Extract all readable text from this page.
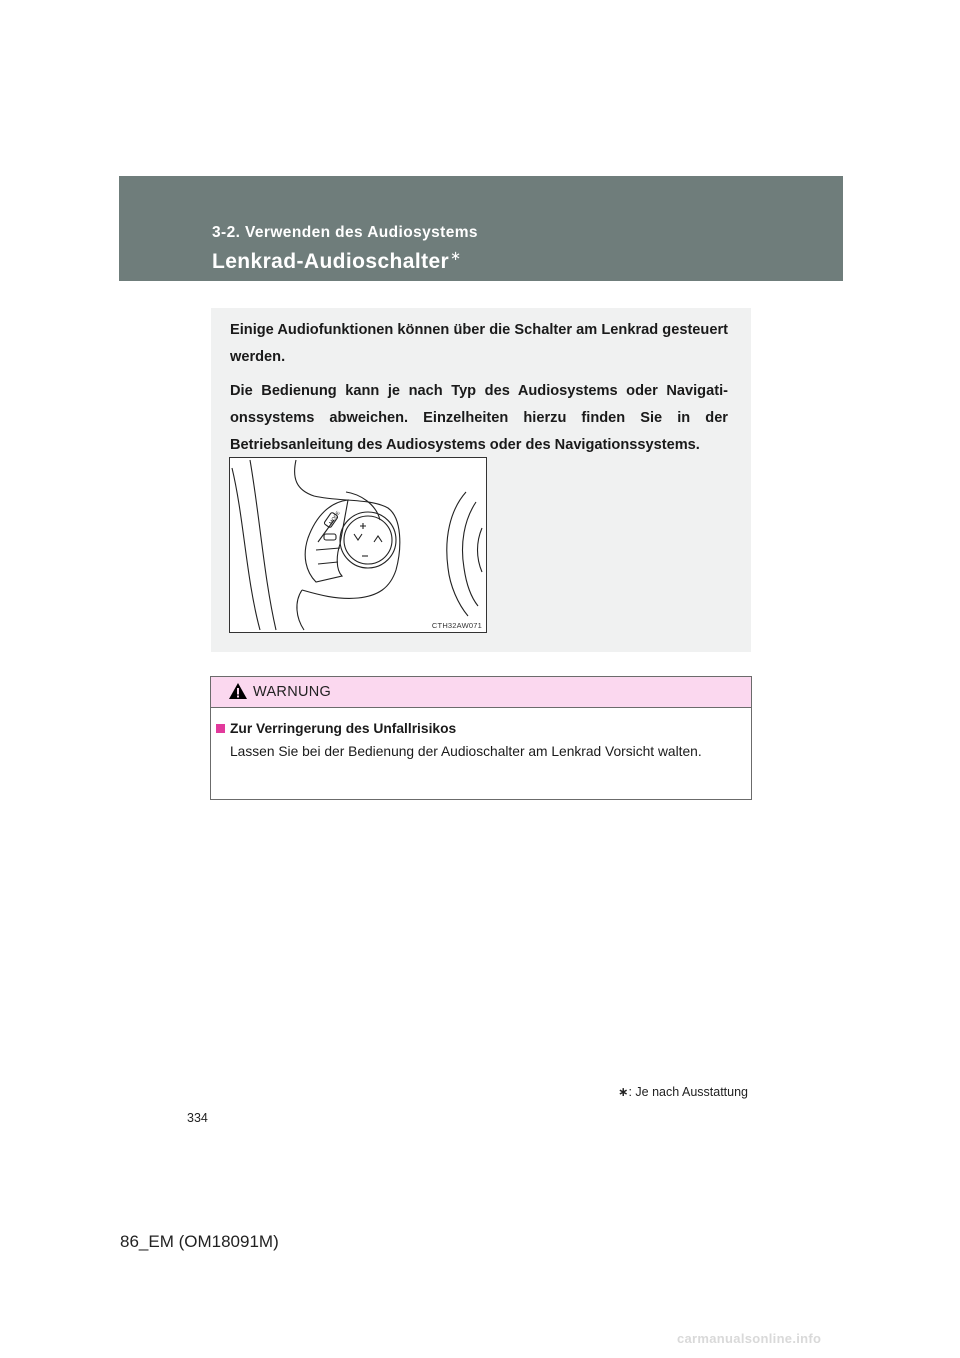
3-2. Verwenden des Audiosystems
Lenkrad-Audioschalter∗

Einige Audiofunktionen können über die Schalter am Lenkrad gesteuert werden.

Die Bedienung kann je nach Typ des Audiosystems oder Navigationssystems abweichen. Einzelheiten hierzu finden Sie in der Betriebsanleitung des Audiosystems oder des Navigationssystems.

MODE
CTH32AW071
WARNUNG
Zur Verringerung des Unfallrisikos

Lassen Sie bei der Bedienung der Audioschalter am Lenkrad Vorsicht walten.

∗: Je nach Ausstattung
334
86_EM (OM18091M)
carmanualsonline.info
